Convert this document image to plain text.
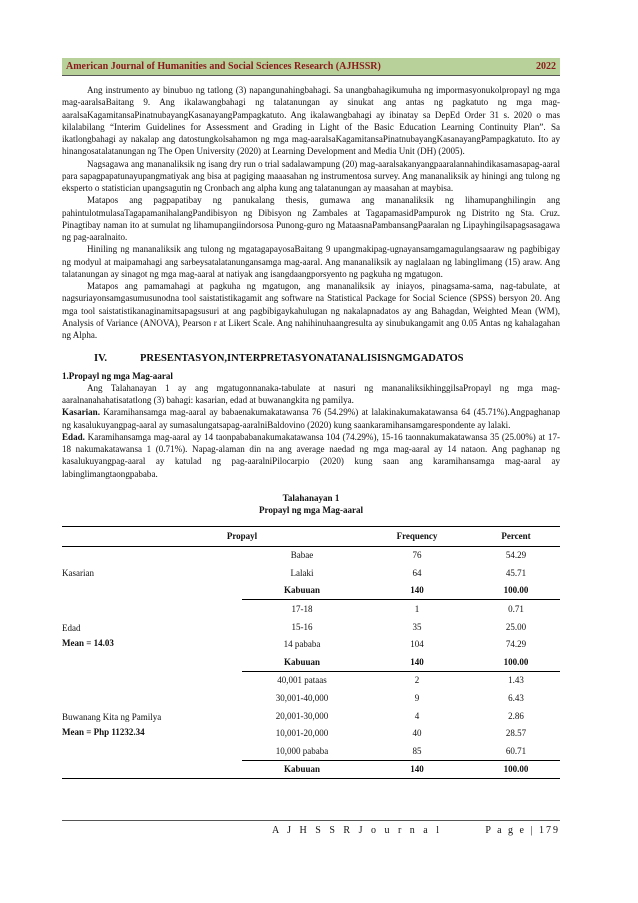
American Journal of Humanities and Social Sciences Research (AJHSSR)	2022

Ang instrumento ay binubuo ng tatlong (3) napangunahingbahagi. Sa unangbahagikumuha ng impormasyonukolpropayl ng mga mag-aaralsaBaitang 9. Ang ikalawangbahagi ng talatanungan ay sinukat ang antas ng pagkatuto ng mga mag-aaralsaKagamitansaPinatnubayangKasanayangPampagkatuto. Ang ikalawangbahagi ay ibinatay sa DepEd Order 31 s. 2020 o mas kilalabilang “Interim Guidelines for Assessment and Grading in Light of the Basic Education Learning Continuity Plan”. Sa ikatlongbahagi ay nakalap ang datostungkolsahamon ng mga mag-aaralsaKagamitansaPinatnubayangKasanayangPampagkatuto. Ito ay hinangosatalatanungan ng The Open University (2020) at Learning Development and Media Unit (DH) (2005).

Nagsagawa ang mananaliksik ng isang dry run o trial sadalawampung (20) mag-aaralsakanyangpaaralannahindikasamasapag-aaral para sapagpapatunayupangmatiyak ang bisa at pagiging maaasahan ng instrumentosa survey. Ang mananaliksik ay hiningi ang tulong ng eksperto o statistician upangsagutin ng Cronbach ang alpha kung ang talatanungan ay maasahan at maybisa.

Matapos ang pagpapatibay ng panukalang thesis, gumawa ang mananaliksik ng lihamupanghilingin ang pahintulotmulasaTagapamanihalangPandibisyon ng Dibisyon ng Zambales at TagapamasidPampurok ng Distrito ng Sta. Cruz. Pinagtibay naman ito at sumulat ng lihamupangiindorsosa Punong-guro ng MataasnaPambansangPaaralan ng Lipayhingilsapagsasagawa ng pag-aaralnaito.

Hiniling ng mananaliksik ang tulong ng mgatagapayosaBaitang 9 upangmakipag-ugnayansamgamagulangsaaraw ng pagbibigay ng modyul at maipamahagi ang sarbeysatalatanungansamga mag-aaral. Ang mananaliksik ay naglalaan ng labinglimang (15) araw. Ang talatanungan ay sinagot ng mga mag-aaral at natiyak ang isangdaangporsyento ng pagkuha ng mgatugon.

Matapos ang pamamahagi at pagkuha ng mgatugon, ang mananaliksik ay iniayos, pinagsama-sama, nag-tabulate, at nagsuriayonsamgasumusunodna tool saistatistikagamit ang software na Statistical Package for Social Science (SPSS) bersyon 20. Ang mga tool saistatistikanaginamitsapagsusuri at ang pagbibigaykahulugan ng nakalapnadatos ay ang Bahagdan, Weighted Mean (WM), Analysis of Variance (ANOVA), Pearson r at Likert Scale. Ang nahihinuhaangresulta ay sinubukangamit ang 0.05 Antas ng kahalagahan ng Alpha.

IV.	PRESENTASYON,INTERPRETASYONATANALISISNGMGADATOS

1.Propayl ng mga Mag-aaral

Ang Talahanayan 1 ay ang mgatugonnanaka-tabulate at nasuri ng mananaliksikhinggilsaPropayl ng mga mag-aaralnanahahatisatatlong (3) bahagi: kasarian, edad at buwanangkita ng pamilya.

Kasarian. Karamihansamga mag-aaral ay babaenakumakatawansa 76 (54.29%) at lalakinakumakatawansa 64 (45.71%).Angpaghanap ng kasalukuyangpag-aaral ay sumasalungatsapag-aaralniBaldovino (2020) kung saankaramihansamgarespondente ay lalaki.

Edad. Karamihansamga mag-aaral ay 14 taonpababanakumakatawansa 104 (74.29%), 15-16 taonnakumakatawansa 35 (25.00%) at 17-18 nakumakatawansa 1 (0.71%). Napag-alaman din na ang average naedad ng mga mag-aaral ay 14 nataon. Ang paghanap ng kasalukuyangpag-aaral ay katulad ng pag-aaralniPilocarpio (2020) kung saan ang karamihansamga mag-aaral ay labinglimangtaongpababa.

Talahanayan 1

Propayl ng mga Mag-aaral

Propayl		Frequency	Percent
Kasarian	Babae	76	54.29
	Lalaki	64	45.71
	Kabuuan	140	100.00
Edad	17-18	1	0.71
	15-16	35	25.00
Mean = 14.03	14 pababa	104	74.29
	Kabuuan	140	100.00
Buwanang Kita ng Pamilya	40,001 pataas	2	1.43
	30,001-40,000	9	6.43
	20,001-30,000	4	2.86
Mean = Php 11232.34	10,001-20,000	40	28.57
	10,000 pababa	85	60.71
	Kabuuan	140	100.00
A J H S S R J o u r n a l	P a g e | 179
